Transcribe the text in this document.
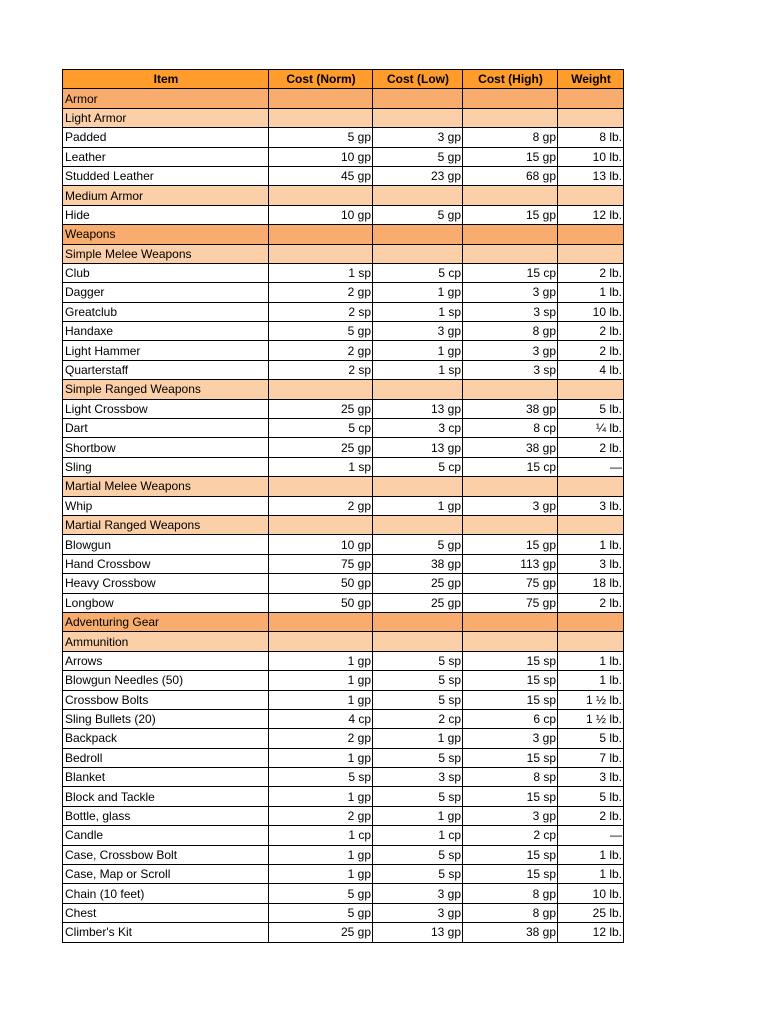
Item	Cost (Norm)	Cost (Low)	Cost (High)	Weight
Armor				
Light Armor				
Padded	5 gp	3 gp	8 gp	8 lb.
Leather	10 gp	5 gp	15 gp	10 lb.
Studded Leather	45 gp	23 gp	68 gp	13 lb.
Medium Armor				
Hide	10 gp	5 gp	15 gp	12 lb.
Weapons				
Simple Melee Weapons				
Club	1 sp	5 cp	15 cp	2 lb.
Dagger	2 gp	1 gp	3 gp	1 lb.
Greatclub	2 sp	1 sp	3 sp	10 lb.
Handaxe	5 gp	3 gp	8 gp	2 lb.
Light Hammer	2 gp	1 gp	3 gp	2 lb.
Quarterstaff	2 sp	1 sp	3 sp	4 lb.
Simple Ranged Weapons				
Light Crossbow	25 gp	13 gp	38 gp	5 lb.
Dart	5 cp	3 cp	8 cp	¼ lb.
Shortbow	25 gp	13 gp	38 gp	2 lb.
Sling	1 sp	5 cp	15 cp	—
Martial Melee Weapons				
Whip	2 gp	1 gp	3 gp	3 lb.
Martial Ranged Weapons				
Blowgun	10 gp	5 gp	15 gp	1 lb.
Hand Crossbow	75 gp	38 gp	113 gp	3 lb.
Heavy Crossbow	50 gp	25 gp	75 gp	18 lb.
Longbow	50 gp	25 gp	75 gp	2 lb.
Adventuring Gear				
Ammunition				
Arrows	1 gp	5 sp	15 sp	1 lb.
Blowgun Needles (50)	1 gp	5 sp	15 sp	1 lb.
Crossbow Bolts	1 gp	5 sp	15 sp	1 ½ lb.
Sling Bullets (20)	4 cp	2 cp	6 cp	1 ½ lb.
Backpack	2 gp	1 gp	3 gp	5 lb.
Bedroll	1 gp	5 sp	15 sp	7 lb.
Blanket	5 sp	3 sp	8 sp	3 lb.
Block and Tackle	1 gp	5 sp	15 sp	5 lb.
Bottle, glass	2 gp	1 gp	3 gp	2 lb.
Candle	1 cp	1 cp	2 cp	—
Case, Crossbow Bolt	1 gp	5 sp	15 sp	1 lb.
Case, Map or Scroll	1 gp	5 sp	15 sp	1 lb.
Chain (10 feet)	5 gp	3 gp	8 gp	10 lb.
Chest	5 gp	3 gp	8 gp	25 lb.
Climber's Kit	25 gp	13 gp	38 gp	12 lb.
